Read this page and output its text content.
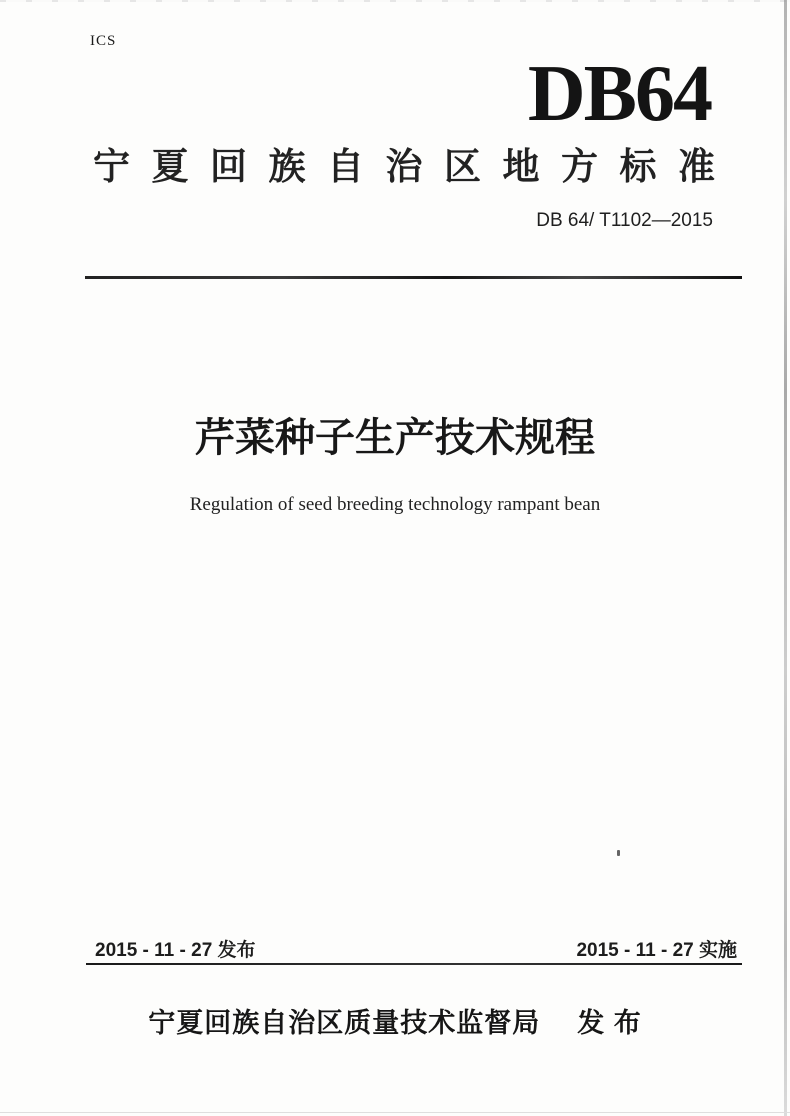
ICS
DB64
宁 夏 回 族 自 治 区 地 方 标 准
DB 64/ T1102—2015
芹菜种子生产技术规程
Regulation of seed breeding technology rampant bean
2015 - 11 - 27 发布	2015 - 11 - 27 实施
宁夏回族自治区质量技术监督局 发 布
